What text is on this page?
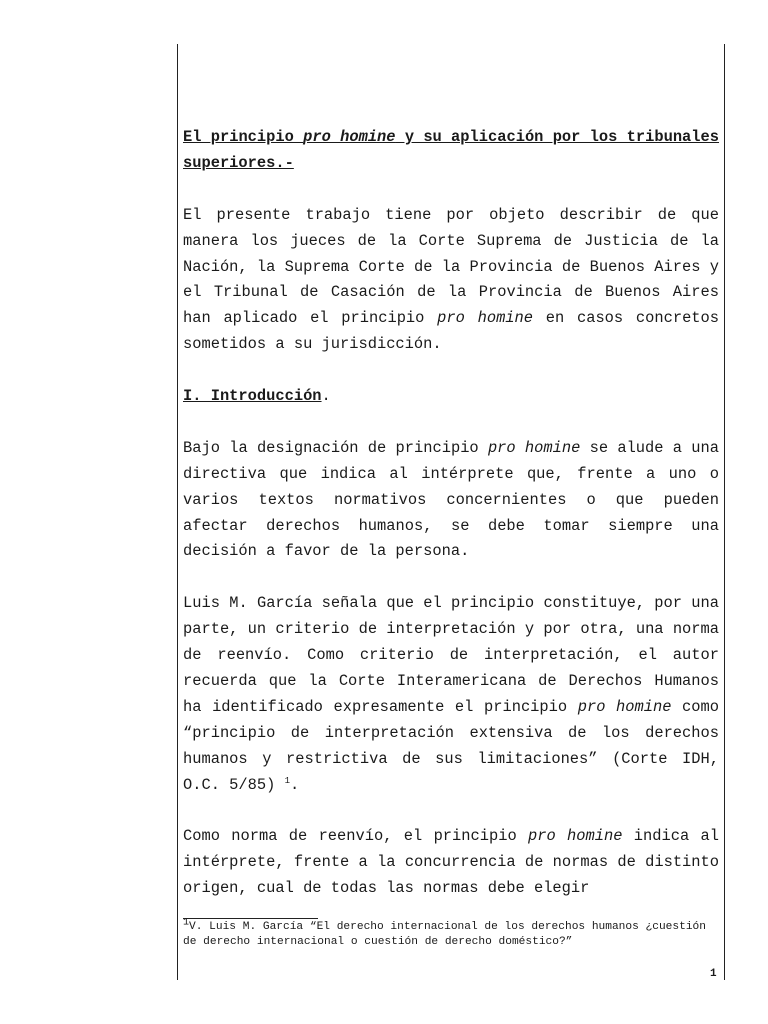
El principio pro homine y su aplicación por los tribunales superiores.-

El presente trabajo tiene por objeto describir de que manera los jueces de la Corte Suprema de Justicia de la Nación, la Suprema Corte de la Provincia de Buenos Aires y el Tribunal de Casación de la Provincia de Buenos Aires han aplicado el principio pro homine en casos concretos sometidos a su jurisdicción.

I. Introducción.

Bajo la designación de principio pro homine se alude a una directiva que indica al intérprete que, frente a uno o varios textos normativos concernientes o que pueden afectar derechos humanos, se debe tomar siempre una decisión a favor de la persona.

Luis M. García señala que el principio constituye, por una parte, un criterio de interpretación y por otra, una norma de reenvío. Como criterio de interpretación, el autor recuerda que la Corte Interamericana de Derechos Humanos ha identificado expresamente el principio pro homine como “principio de interpretación extensiva de los derechos humanos y restrictiva de sus limitaciones” (Corte IDH, O.C. 5/85) $^1$.

Como norma de reenvío, el principio pro homine indica al intérprete, frente a la concurrencia de normas de distinto origen, cual de todas las normas debe elegir

$^1$V. Luis M. García “El derecho internacional de los derechos humanos ¿cuestión de derecho internacional o cuestión de derecho doméstico?”

1
